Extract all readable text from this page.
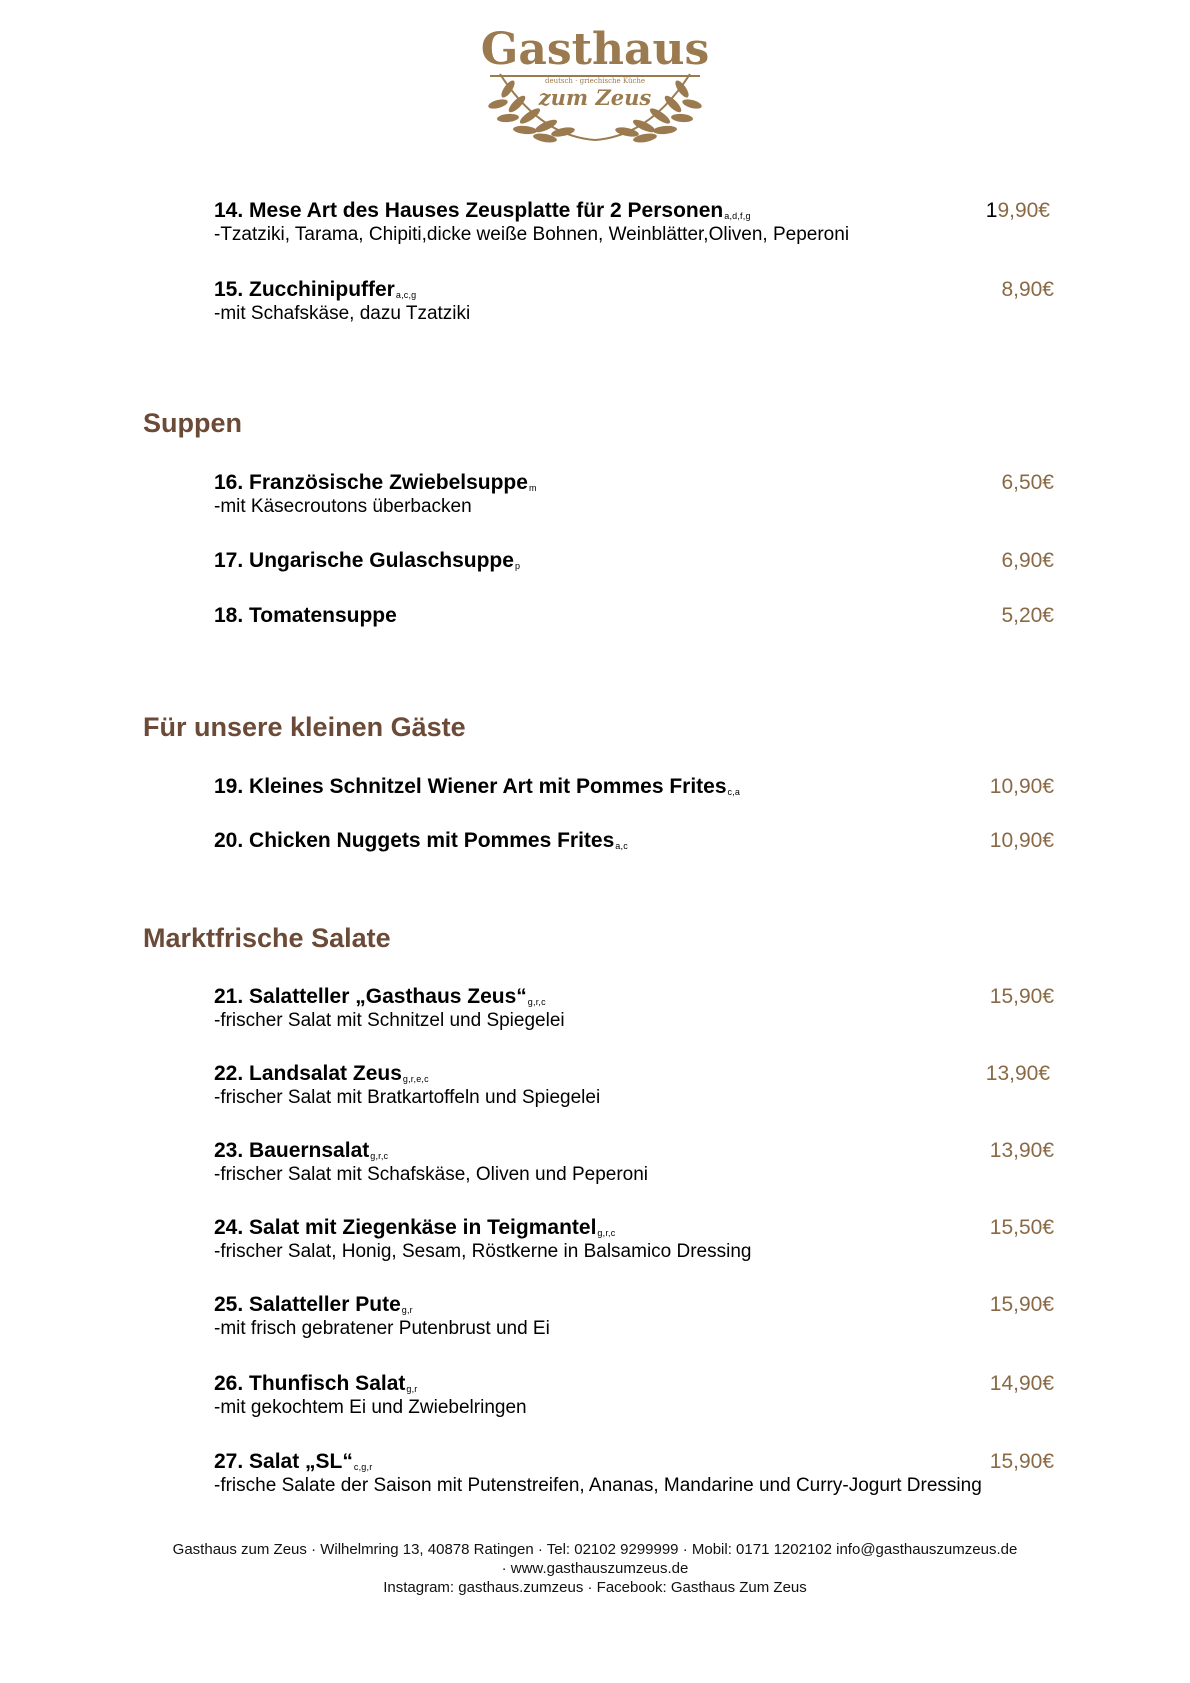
Gasthaus
deutsch · griechische Küche
zum Zeus
14. Mese Art des Hauses Zeusplatte für 2 Personen$_{a,d,f,g}$
-Tzatziki, Tarama, Chipiti,dicke weiße Bohnen, Weinblätter,Oliven, Peperoni
19,90€
15. Zucchinipuffer$_{a,c,g}$
-mit Schafskäse, dazu Tzatziki
8,90€
Suppen
16. Französische Zwiebelsuppe$_m$
-mit Käsecroutons überbacken
6,50€
17. Ungarische Gulaschsuppe$_p$	6,90€
18. Tomatensuppe	5,20€
Für unsere kleinen Gäste
19. Kleines Schnitzel Wiener Art mit Pommes Frites$_{c,a}$	10,90€
20. Chicken Nuggets mit Pommes Frites$_{a,c}$	10,90€
Marktfrische Salate
21. Salatteller „Gasthaus $Zeus“_{g,r,c}$
-frischer Salat mit Schnitzel und Spiegelei
15,90€
22. Landsalat Zeus$_{g,r,e,c}$
-frischer Salat mit Bratkartoffeln und Spiegelei
13,90€
23. Bauernsalat$_{g,r,c}$
-frischer Salat mit Schafskäse, Oliven und Peperoni
13,90€
24. Salat mit Ziegenkäse in Teigmantel$_{g,r,c}$
-frischer Salat, Honig, Sesam, Röstkerne in Balsamico Dressing
15,50€
25. Salatteller Pute$_{g,r}$
-mit frisch gebratener Putenbrust und Ei
15,90€
26. Thunfisch Salat$_{g,r}$
-mit gekochtem Ei und Zwiebelringen
14,90€
27. Salat $„SL“_{c,g,r}$
-frische Salate der Saison mit Putenstreifen, Ananas, Mandarine und Curry-Jogurt Dressing
15,90€
Gasthaus zum Zeus · Wilhelmring 13, 40878 Ratingen · Tel: 02102 9299999 · Mobil: 0171 1202102 info@gasthauszumzeus.de
· www.gasthauszumzeus.de
Instagram: gasthaus.zumzeus · Facebook: Gasthaus Zum Zeus
